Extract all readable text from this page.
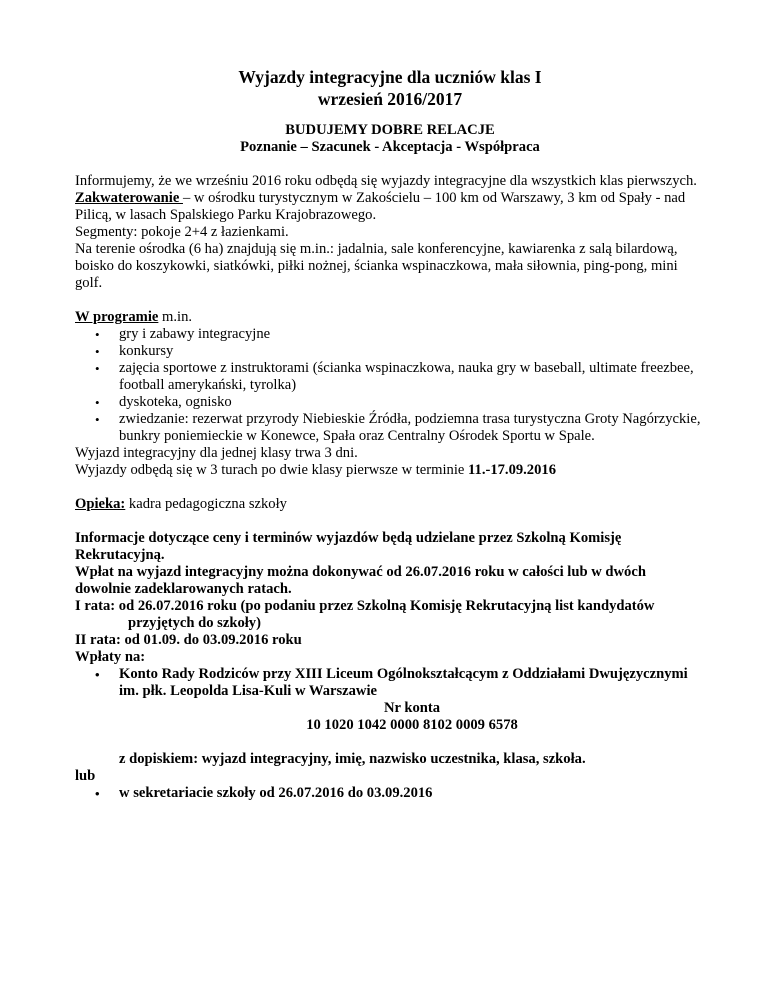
Wyjazdy integracyjne dla uczniów klas I

wrzesień 2016/2017

BUDUJEMY DOBRE RELACJE

Poznanie – Szacunek - Akceptacja - Współpraca

Informujemy, że we wrześniu 2016 roku odbędą się wyjazdy integracyjne dla wszystkich klas pierwszych.

Zakwaterowanie – w ośrodku turystycznym w Zakościelu – 100 km od Warszawy, 3 km od Spały - nad Pilicą, w lasach Spalskiego Parku Krajobrazowego.

Segmenty: pokoje 2+4 z łazienkami.

Na terenie ośrodka (6 ha) znajdują się m.in.: jadalnia, sale konferencyjne, kawiarenka z salą bilardową, boisko do koszykowki, siatkówki, piłki nożnej, ścianka wspinaczkowa, mała siłownia, ping-pong, mini golf.

W programie m.in.

• gry i zabawy integracyjne
• konkursy
• zajęcia sportowe z instruktorami (ścianka wspinaczkowa, nauka gry w baseball, ultimate freezbee, football amerykański, tyrolka)
• dyskoteka, ognisko
• zwiedzanie: rezerwat przyrody Niebieskie Źródła, podziemna trasa turystyczna Groty Nagórzyckie, bunkry poniemieckie w Konewce, Spała oraz Centralny Ośrodek Sportu w Spale.

Wyjazd integracyjny dla jednej klasy trwa 3 dni.

Wyjazdy odbędą się w 3 turach po dwie klasy pierwsze w terminie 11.-17.09.2016

Opieka: kadra pedagogiczna szkoły

Informacje dotyczące ceny i terminów wyjazdów będą udzielane przez Szkolną Komisję Rekrutacyjną.

Wpłat na wyjazd integracyjny można dokonywać od 26.07.2016 roku w całości lub w dwóch dowolnie zadeklarowanych ratach.

I rata: od 26.07.2016 roku (po podaniu przez Szkolną Komisję Rekrutacyjną list kandydatów

przyjętych do szkoły)

II rata: od 01.09. do 03.09.2016 roku

Wpłaty na:

• Konto Rady Rodziców przy XIII Liceum Ogólnokształcącym z Oddziałami Dwujęzycznymi im. płk. Leopolda Lisa-Kuli w Warszawie
Nr konta
10 1020 1042 0000 8102 0009 6578
z dopiskiem: wyjazd integracyjny, imię, nazwisko uczestnika, klasa, szkoła.

lub

• w sekretariacie szkoły od 26.07.2016 do 03.09.2016
